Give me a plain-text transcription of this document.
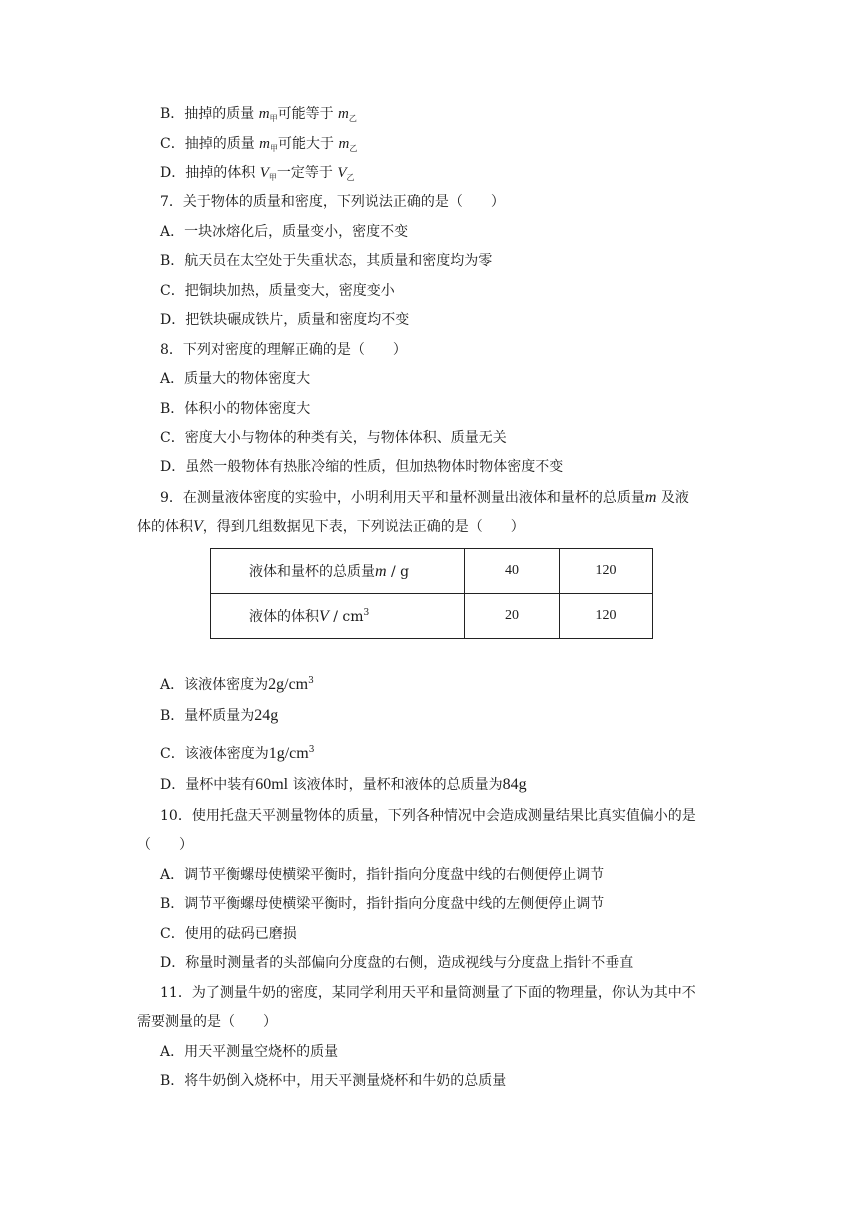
B．抽掉的质量 $m_甲$可能等于 $m_乙$
C．抽掉的质量 $m_甲$可能大于 $m_乙$
D．抽掉的体积 $V_甲$一定等于 $V_乙$
7．关于物体的质量和密度，下列说法正确的是（　　）
A．一块冰熔化后，质量变小，密度不变
B．航天员在太空处于失重状态，其质量和密度均为零
C．把铜块加热，质量变大，密度变小
D．把铁块碾成铁片，质量和密度均不变
8．下列对密度的理解正确的是（　　）
A．质量大的物体密度大
B．体积小的物体密度大
C．密度大小与物体的种类有关，与物体体积、质量无关
D．虽然一般物体有热胀冷缩的性质，但加热物体时物体密度不变
9．在测量液体密度的实验中，小明利用天平和量杯测量出液体和量杯的总质量m 及液
体的体积V，得到几组数据见下表，下列说法正确的是（　　）
液体和量杯的总质量m / g	40	120
液体的体积V / $cm^3$	20	120
A．该液体密度为$2g/cm^3$
B．量杯质量为24g
C．该液体密度为$1g/cm^3$
D．量杯中装有60ml 该液体时，量杯和液体的总质量为84g
10．使用托盘天平测量物体的质量，下列各种情况中会造成测量结果比真实值偏小的是
（　　）
A．调节平衡螺母使横梁平衡时，指针指向分度盘中线的右侧便停止调节
B．调节平衡螺母使横梁平衡时，指针指向分度盘中线的左侧便停止调节
C．使用的砝码已磨损
D．称量时测量者的头部偏向分度盘的右侧，造成视线与分度盘上指针不垂直
11．为了测量牛奶的密度，某同学利用天平和量筒测量了下面的物理量，你认为其中不
需要测量的是（　　）
A．用天平测量空烧杯的质量
B．将牛奶倒入烧杯中，用天平测量烧杯和牛奶的总质量
